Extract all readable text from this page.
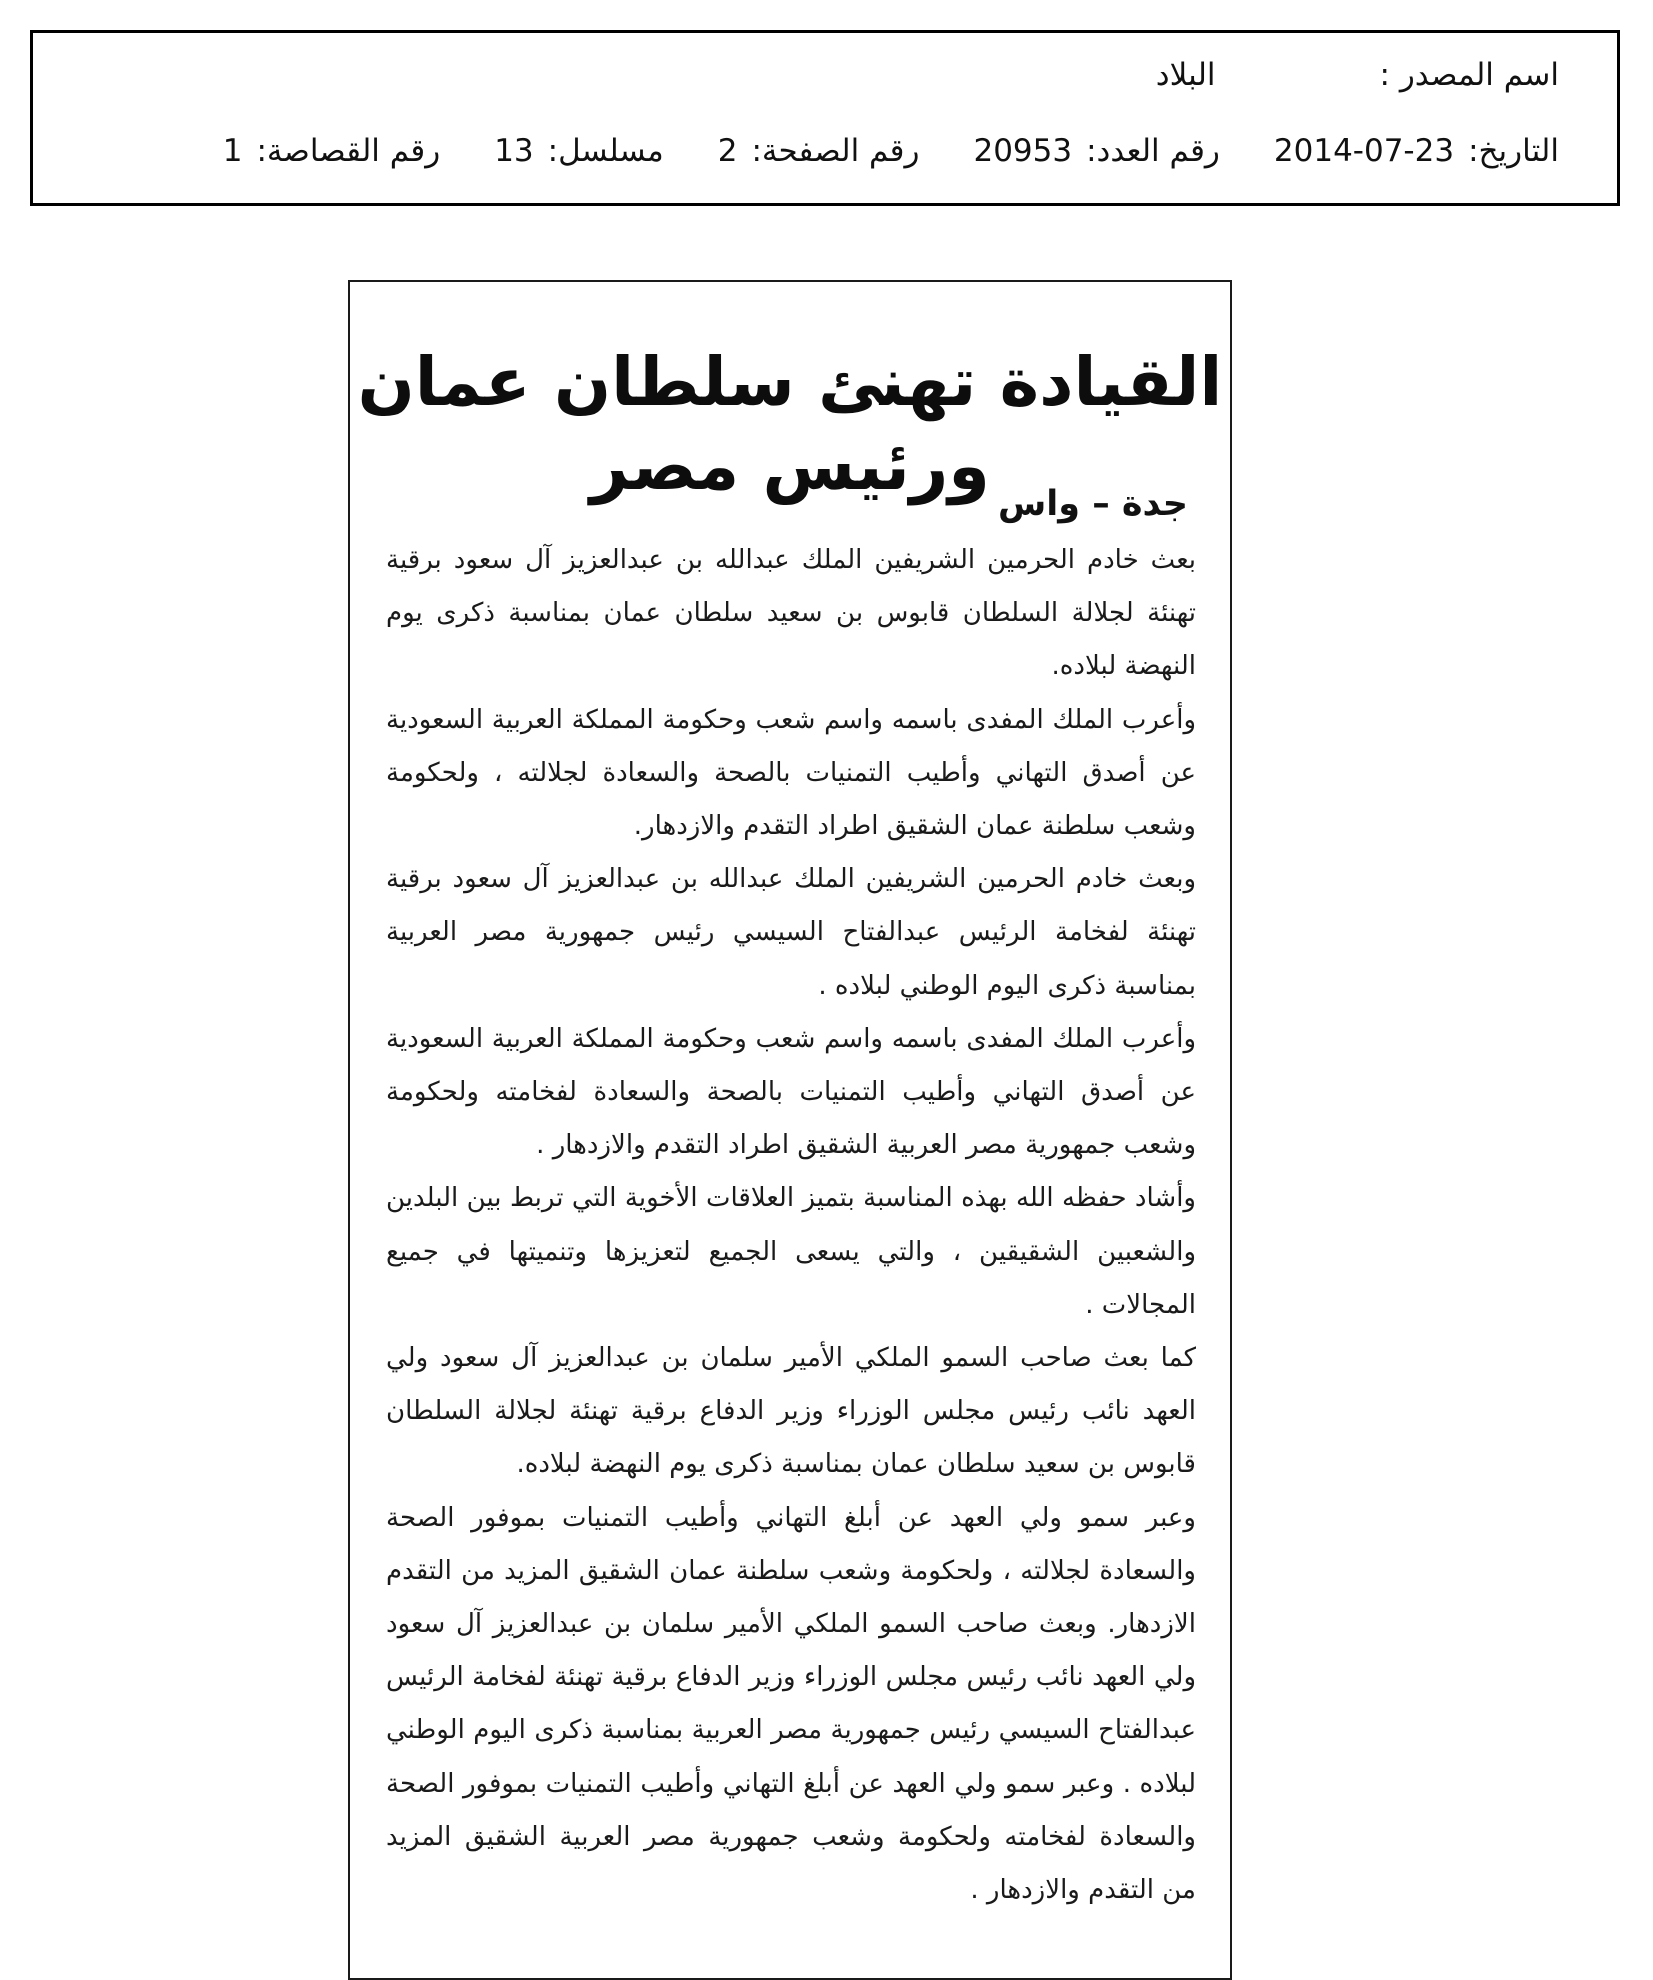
اسم المصدر :
البلاد
التاريخ:
2014-07-23
رقم العدد:
20953
رقم الصفحة:
2
مسلسل:
13
رقم القصاصة:
1
القيادة تهنئ سلطان عمان ورئيس مصر جدة – واس

بعث خادم الحرمين الشريفين الملك عبدالله بن عبدالعزيز آل سعود برقية تهنئة لجلالة السلطان قابوس بن سعيد سلطان عمان بمناسبة ذكرى يوم النهضة لبلاده.

وأعرب الملك المفدى باسمه واسم شعب وحكومة المملكة العربية السعودية عن أصدق التهاني وأطيب التمنيات بالصحة والسعادة لجلالته ، ولحكومة وشعب سلطنة عمان الشقيق اطراد التقدم والازدهار.

وبعث خادم الحرمين الشريفين الملك عبدالله بن عبدالعزيز آل سعود برقية تهنئة لفخامة الرئيس عبدالفتاح السيسي رئيس جمهورية مصر العربية بمناسبة ذكرى اليوم الوطني لبلاده .

وأعرب الملك المفدى باسمه واسم شعب وحكومة المملكة العربية السعودية عن أصدق التهاني وأطيب التمنيات بالصحة والسعادة لفخامته ولحكومة وشعب جمهورية مصر العربية الشقيق اطراد التقدم والازدهار .

وأشاد حفظه الله بهذه المناسبة بتميز العلاقات الأخوية التي تربط بين البلدين والشعبين الشقيقين ، والتي يسعى الجميع لتعزيزها وتنميتها في جميع المجالات .

كما بعث صاحب السمو الملكي الأمير سلمان بن عبدالعزيز آل سعود ولي العهد نائب رئيس مجلس الوزراء وزير الدفاع برقية تهنئة لجلالة السلطان قابوس بن سعيد سلطان عمان بمناسبة ذكرى يوم النهضة لبلاده.

وعبر سمو ولي العهد عن أبلغ التهاني وأطيب التمنيات بموفور الصحة والسعادة لجلالته ، ولحكومة وشعب سلطنة عمان الشقيق المزيد من التقدم الازدهار. وبعث صاحب السمو الملكي الأمير سلمان بن عبدالعزيز آل سعود ولي العهد نائب رئيس مجلس الوزراء وزير الدفاع برقية تهنئة لفخامة الرئيس عبدالفتاح السيسي رئيس جمهورية مصر العربية بمناسبة ذكرى اليوم الوطني لبلاده . وعبر سمو ولي العهد عن أبلغ التهاني وأطيب التمنيات بموفور الصحة والسعادة لفخامته ولحكومة وشعب جمهورية مصر العربية الشقيق المزيد من التقدم والازدهار .
